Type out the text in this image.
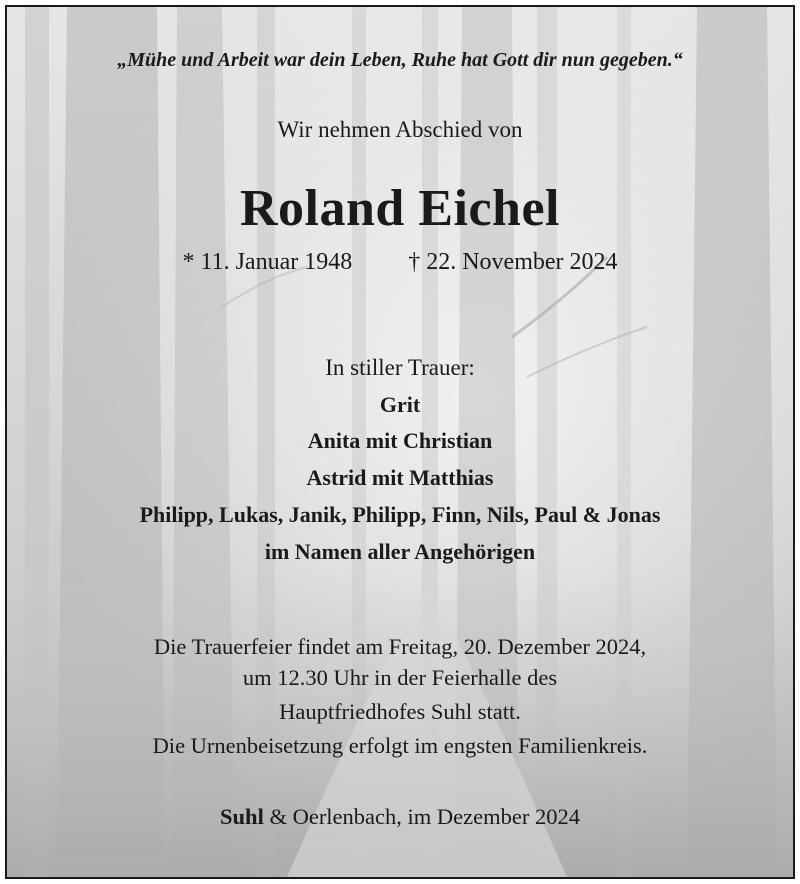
„Mühe und Arbeit war dein Leben, Ruhe hat Gott dir nun gegeben.“
Wir nehmen Abschied von
Roland Eichel
* 11. Januar 1948 † 22. November 2024
In stiller Trauer:
Grit
Anita mit Christian
Astrid mit Matthias
Philipp, Lukas, Janik, Philipp, Finn, Nils, Paul & Jonas
im Namen aller Angehörigen
Die Trauerfeier findet am Freitag, 20. Dezember 2024,
um 12.30 Uhr in der Feierhalle des
Hauptfriedhofes Suhl statt.
Die Urnenbeisetzung erfolgt im engsten Familienkreis.
Suhl & Oerlenbach, im Dezember 2024
